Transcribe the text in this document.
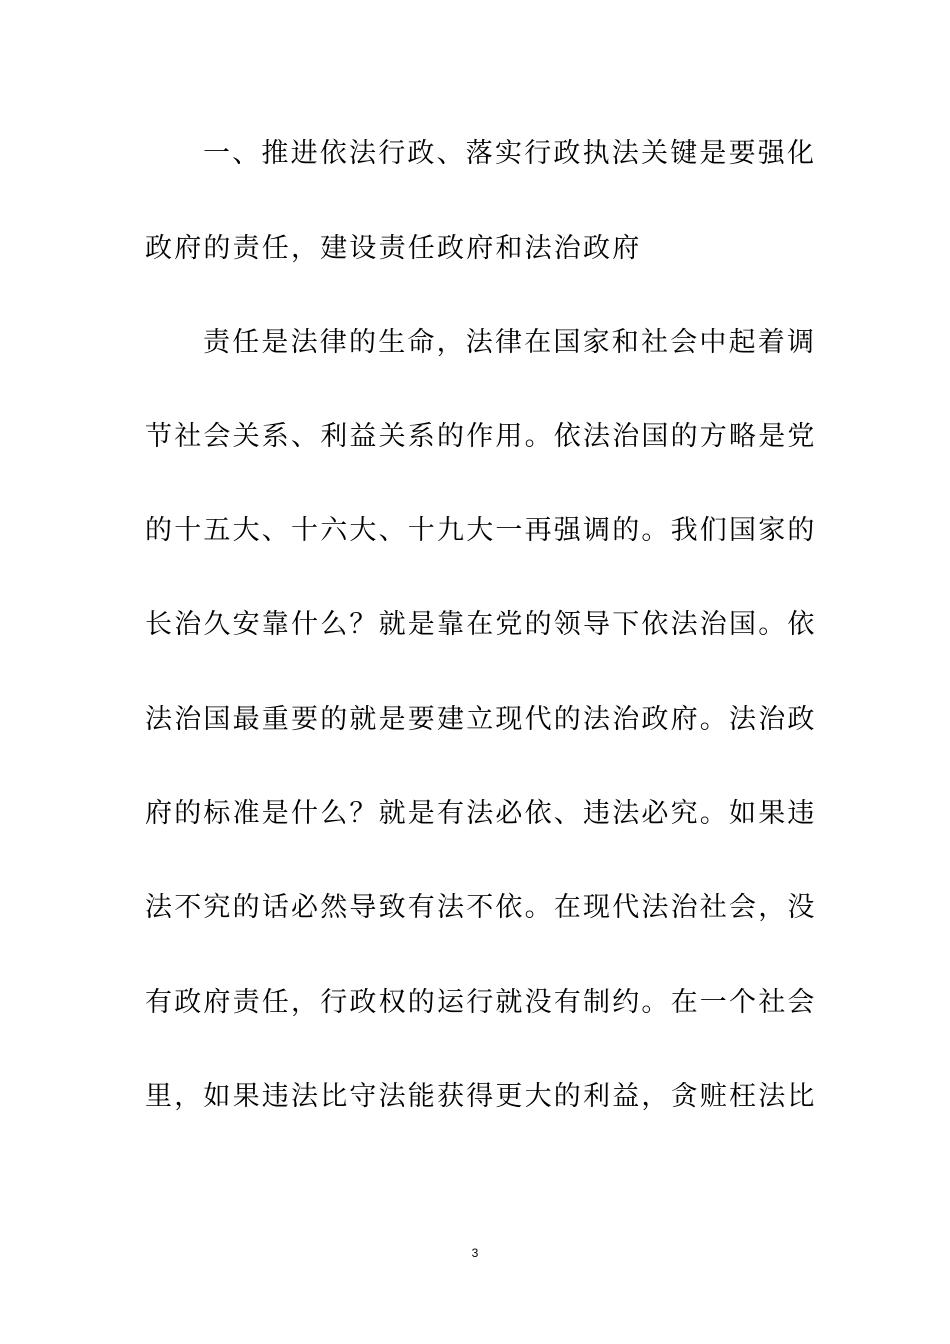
一、推进依法行政、落实行政执法关键是要强化
政府的责任，建设责任政府和法治政府
责任是法律的生命，法律在国家和社会中起着调
节社会关系、利益关系的作用。依法治国的方略是党
的十五大、十六大、十九大一再强调的。我们国家的
长治久安靠什么？就是靠在党的领导下依法治国。依
法治国最重要的就是要建立现代的法治政府。法治政
府的标准是什么？就是有法必依、违法必究。如果违
法不究的话必然导致有法不依。在现代法治社会，没
有政府责任，行政权的运行就没有制约。在一个社会
里，如果违法比守法能获得更大的利益，贪赃枉法比
3
